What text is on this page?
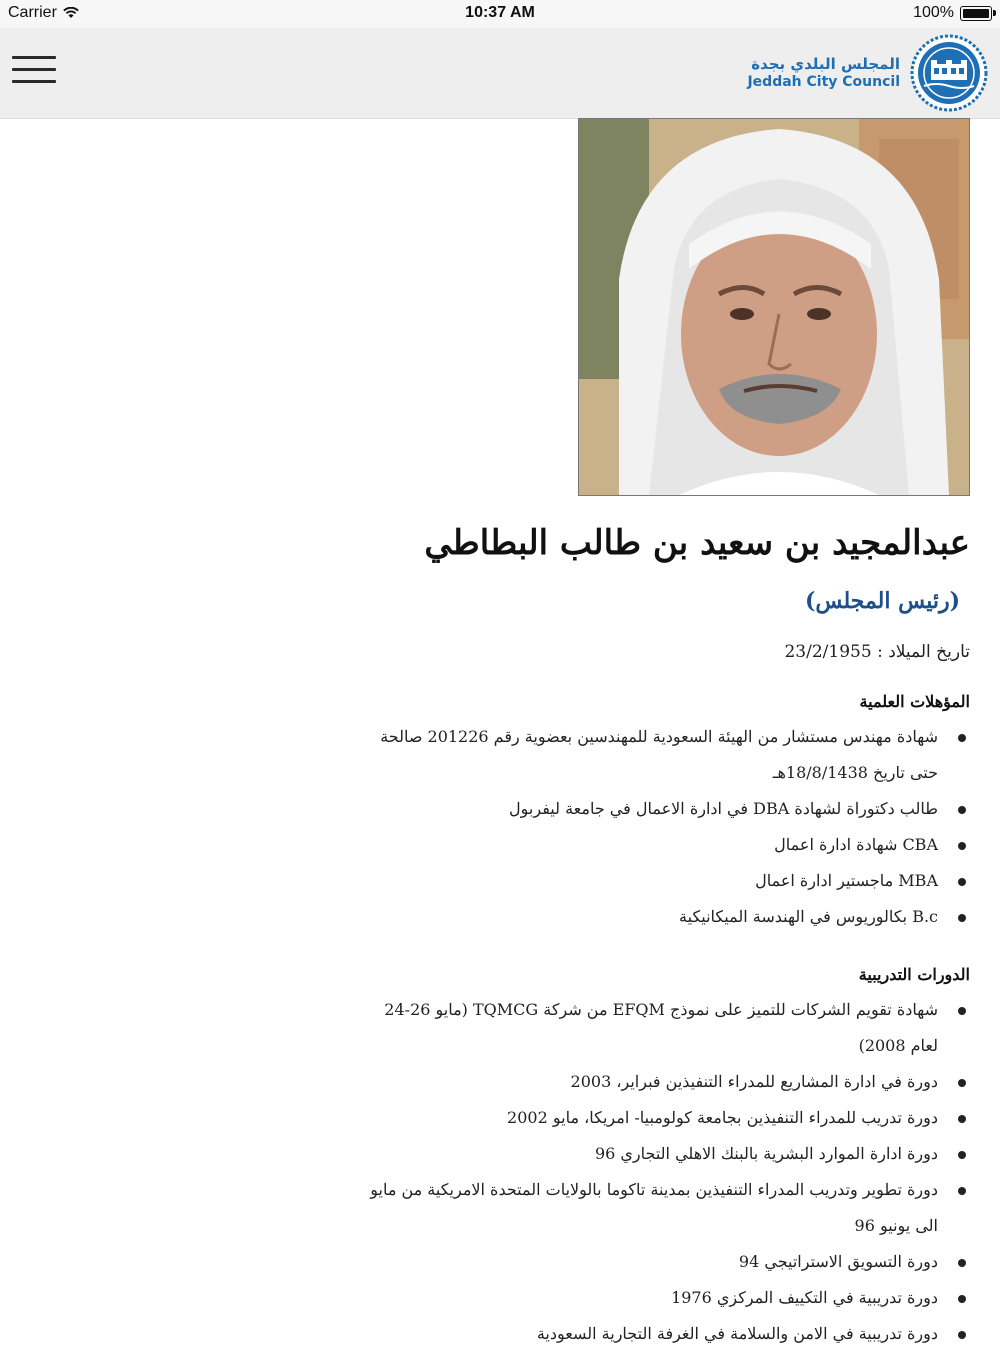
Carrier	10:37 AM	100%
المجلس البلدي بجدة
Jeddah City Council
عبدالمجيد بن سعيد بن طالب البطاطي (رئيس المجلس)
تاريخ الميلاد : 23/2/1955
المؤهلات العلمية
شهادة مهندس مستشار من الهيئة السعودية للمهندسين بعضوية رقم 201226 صالحة حتى تاريخ 18/8/1438هـ
طالب دكتوراة لشهادة DBA في ادارة الاعمال في جامعة ليفربول
CBA شهادة ادارة اعمال
MBA ماجستير ادارة اعمال
B.c بكالوريوس في الهندسة الميكانيكية
الدورات التدريبية
شهادة تقويم الشركات للتميز على نموذج EFQM من شركة TQMCG (مايو 26-24 لعام 2008)
دورة في ادارة المشاريع للمدراء التنفيذين فبراير، 2003
دورة تدريب للمدراء التنفيذين بجامعة كولومبيا- امريكا، مايو 2002
دورة ادارة الموارد البشرية بالبنك الاهلي التجاري 96
دورة تطوير وتدريب المدراء التنفيذين بمدينة تاكوما بالولايات المتحدة الامريكية من مايو الى يونيو 96
دورة التسويق الاستراتيجي 94
دورة تدريبية في التكييف المركزي 1976
دورة تدريبية في الامن والسلامة في الغرفة التجارية السعودية
